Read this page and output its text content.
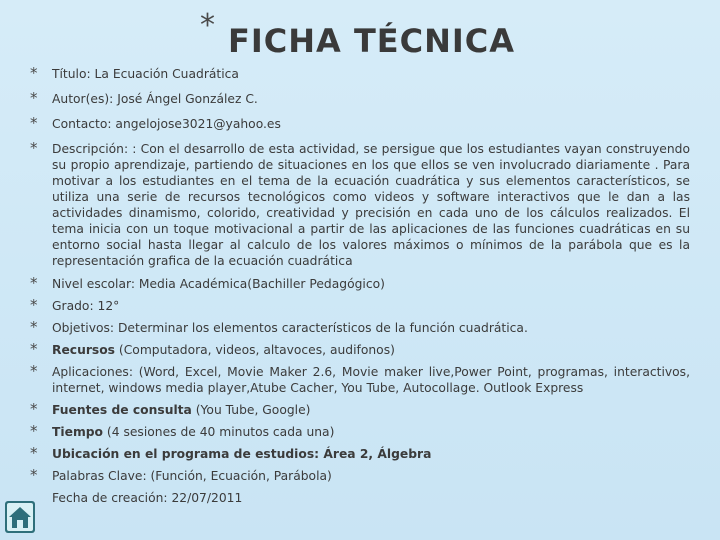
* FICHA TÉCNICA
* Título: La Ecuación Cuadrática
* Autor(es): José Ángel González C.
* Contacto: angelojose3021@yahoo.es
* Descripción: : Con el desarrollo de esta actividad, se persigue que los estudiantes vayan construyendo su propio aprendizaje, partiendo de situaciones en los que ellos se ven involucrado diariamente . Para motivar a los estudiantes en el tema de la ecuación cuadrática y sus elementos característicos, se utiliza una serie de recursos tecnológicos como videos y software interactivos que le dan a las actividades dinamismo, colorido, creatividad y precisión en cada uno de los cálculos realizados. El tema inicia con un toque motivacional a partir de las aplicaciones de las funciones cuadráticas en su entorno social hasta llegar al calculo de los valores máximos o mínimos de la parábola que es la representación grafica de la ecuación cuadrática
* Nivel escolar: Media Académica(Bachiller Pedagógico)
* Grado: 12°
* Objetivos: Determinar los elementos característicos de la función cuadrática.
* Recursos (Computadora, videos, altavoces, audifonos)
* Aplicaciones: (Word, Excel, Movie Maker 2.6, Movie maker live,Power Point, programas, interactivos, internet, windows media player,Atube Cacher, You Tube, Autocollage. Outlook Express
* Fuentes de consulta (You Tube, Google)
* Tiempo (4 sesiones de 40 minutos cada una)
* Ubicación en el programa de estudios: Área 2, Álgebra
* Palabras Clave: (Función, Ecuación, Parábola)
Fecha de creación: 22/07/2011
